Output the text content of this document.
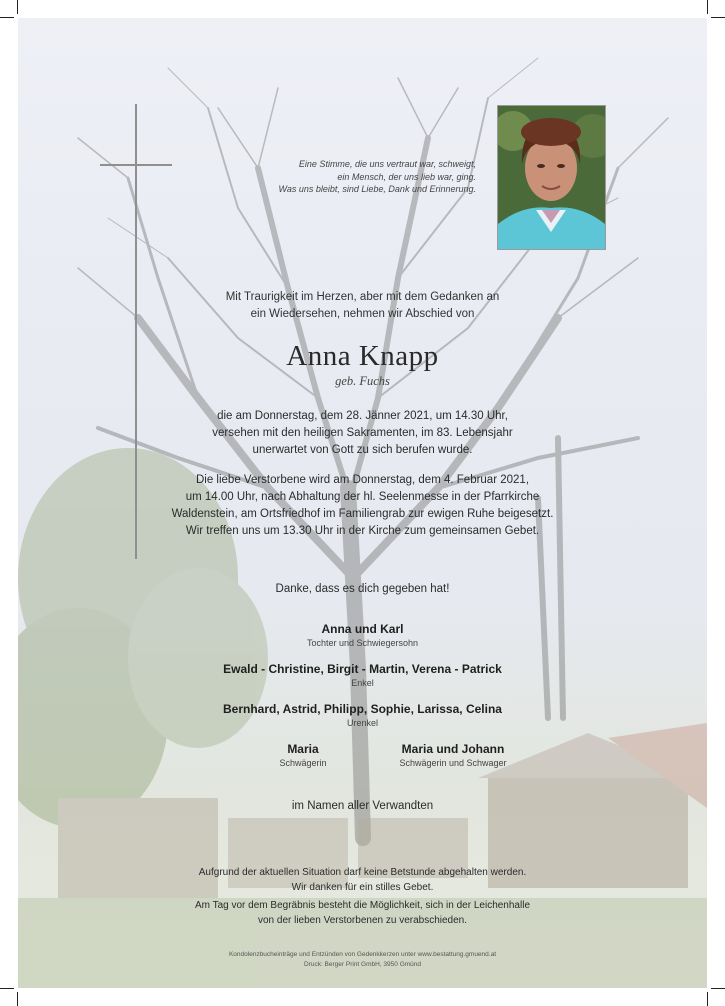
Eine Stimme, die uns vertraut war, schweigt,
ein Mensch, der uns lieb war, ging.
Was uns bleibt, sind Liebe, Dank und Erinnerung.
Mit Traurigkeit im Herzen, aber mit dem Gedanken an
ein Wiedersehen, nehmen wir Abschied von
Anna Knapp
geb. Fuchs
die am Donnerstag, dem 28. Jänner 2021, um 14.30 Uhr,
versehen mit den heiligen Sakramenten, im 83. Lebensjahr
unerwartet von Gott zu sich berufen wurde.
Die liebe Verstorbene wird am Donnerstag, dem 4. Februar 2021,
um 14.00 Uhr, nach Abhaltung der hl. Seelenmesse in der Pfarrkirche
Waldenstein, am Ortsfriedhof im Familiengrab zur ewigen Ruhe beigesetzt.
Wir treffen uns um 13.30 Uhr in der Kirche zum gemeinsamen Gebet.
Danke, dass es dich gegeben hat!
Anna und Karl
Tochter und Schwiegersohn
Ewald - Christine, Birgit - Martin, Verena - Patrick
Enkel
Bernhard, Astrid, Philipp, Sophie, Larissa, Celina
Urenkel
Maria
Schwägerin
Maria und Johann
Schwägerin und Schwager
im Namen aller Verwandten
Aufgrund der aktuellen Situation darf keine Betstunde abgehalten werden.
Wir danken für ein stilles Gebet.
Am Tag vor dem Begräbnis besteht die Möglichkeit, sich in der Leichenhalle
von der lieben Verstorbenen zu verabschieden.
Kondolenzbucheinträge und Entzünden von Gedenkkerzen unter www.bestattung.gmuend.at
Druck: Berger Print GmbH, 3950 Gmünd
